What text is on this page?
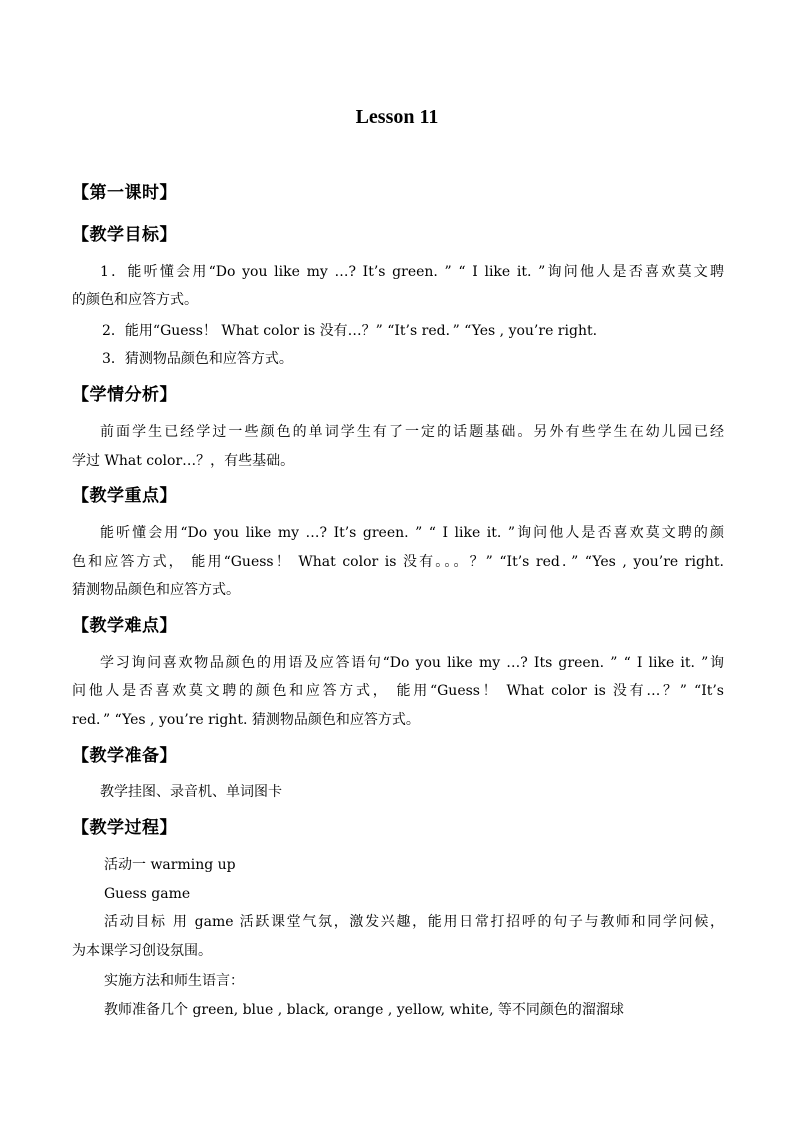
Lesson 11
【第一课时】
【教学目标】
1．能听懂会用“Do you like my …? It’s green. ” “ I like it. ”询问他人是否喜欢莫文聘
的颜色和应答方式。
2．能用“Guess！ What color is 没有…？” “It’s red．” “Yes , you’re right.
3．猜测物品颜色和应答方式。
【学情分析】
前面学生已经学过一些颜色的单词学生有了一定的话题基础。另外有些学生在幼儿园已经
学过 What color…？，有些基础。
【教学重点】
能听懂会用“Do you like my …? It’s green. ” “ I like it. ”询问他人是否喜欢莫文聘的颜
色和应答方式， 能用“Guess！ What color is 没有。。。？” “It’s red．” “Yes , you’re right.
猜测物品颜色和应答方式。
【教学难点】
学习询问喜欢物品颜色的用语及应答语句“Do you like my …? Its green. ” “ I like it. ”询
问他人是否喜欢莫文聘的颜色和应答方式， 能用“Guess！ What color is 没有…？” “It’s
red．” “Yes , you’re right. 猜测物品颜色和应答方式。
【教学准备】
教学挂图、录音机、单词图卡
【教学过程】
活动一 warming up
Guess game
活动目标 用 game 活跃课堂气氛，激发兴趣，能用日常打招呼的句子与教师和同学问候，
为本课学习创设氛围。
实施方法和师生语言：
教师准备几个 green, blue , black, orange , yellow, white, 等不同颜色的溜溜球
